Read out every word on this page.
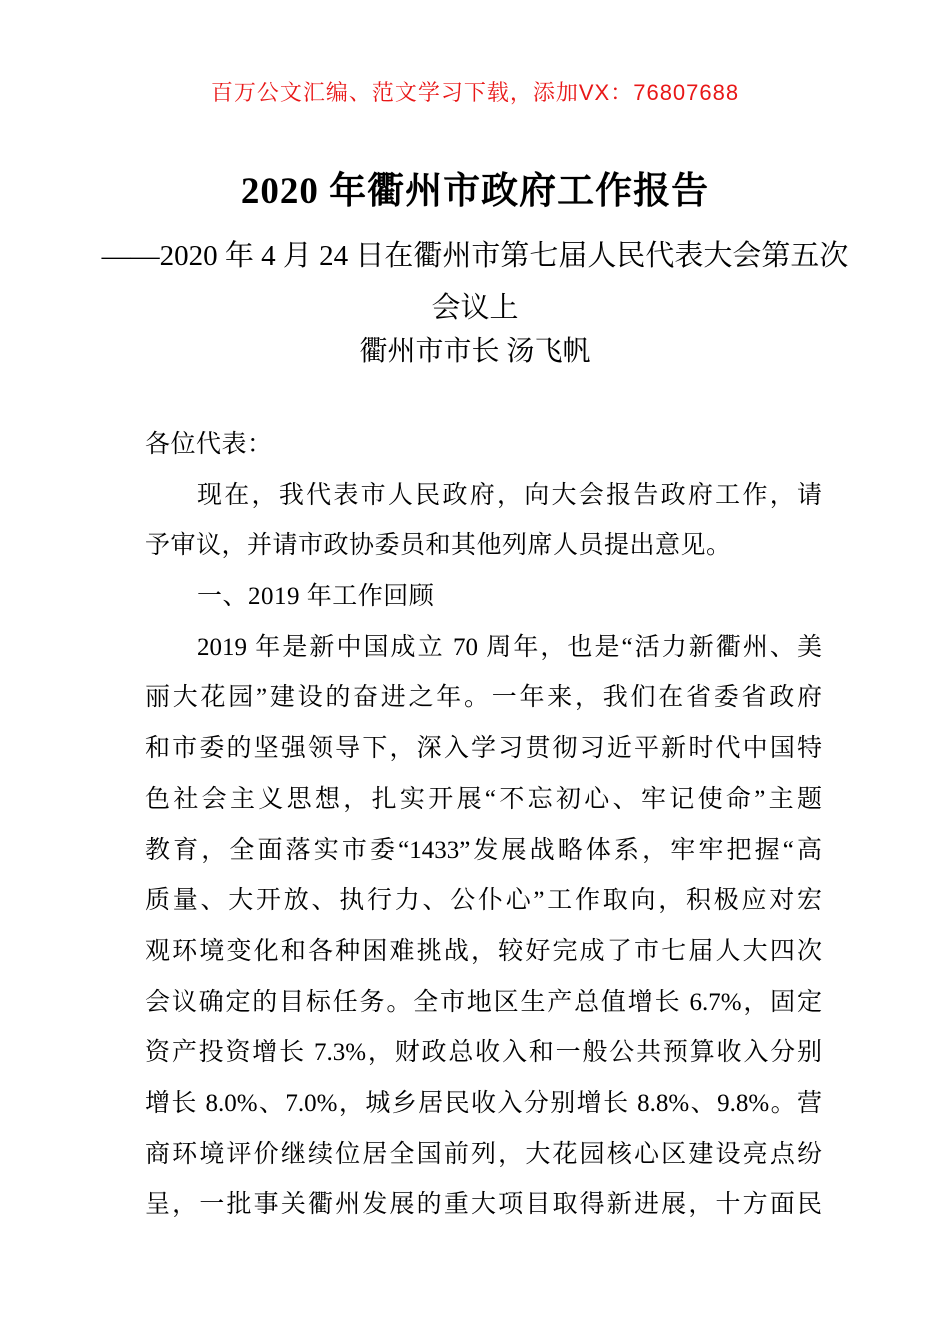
百万公文汇编、范文学习下载，添加VX：76807688
2020 年衢州市政府工作报告
——2020 年 4 月 24 日在衢州市第七届人民代表大会第五次
会议上
衢州市市长 汤飞帆
各位代表：
现在，我代表市人民政府，向大会报告政府工作，请
予审议，并请市政协委员和其他列席人员提出意见。
一、2019 年工作回顾
2019 年是新中国成立 70 周年，也是“活力新衢州、美
丽大花园”建设的奋进之年。一年来，我们在省委省政府
和市委的坚强领导下，深入学习贯彻习近平新时代中国特
色社会主义思想，扎实开展“不忘初心、牢记使命”主题
教育，全面落实市委“1433”发展战略体系，牢牢把握“高
质量、大开放、执行力、公仆心”工作取向，积极应对宏
观环境变化和各种困难挑战，较好完成了市七届人大四次
会议确定的目标任务。全市地区生产总值增长 6.7%，固定
资产投资增长 7.3%，财政总收入和一般公共预算收入分别
增长 8.0%、7.0%，城乡居民收入分别增长 8.8%、9.8%。营
商环境评价继续位居全国前列，大花园核心区建设亮点纷
呈，一批事关衢州发展的重大项目取得新进展，十方面民
